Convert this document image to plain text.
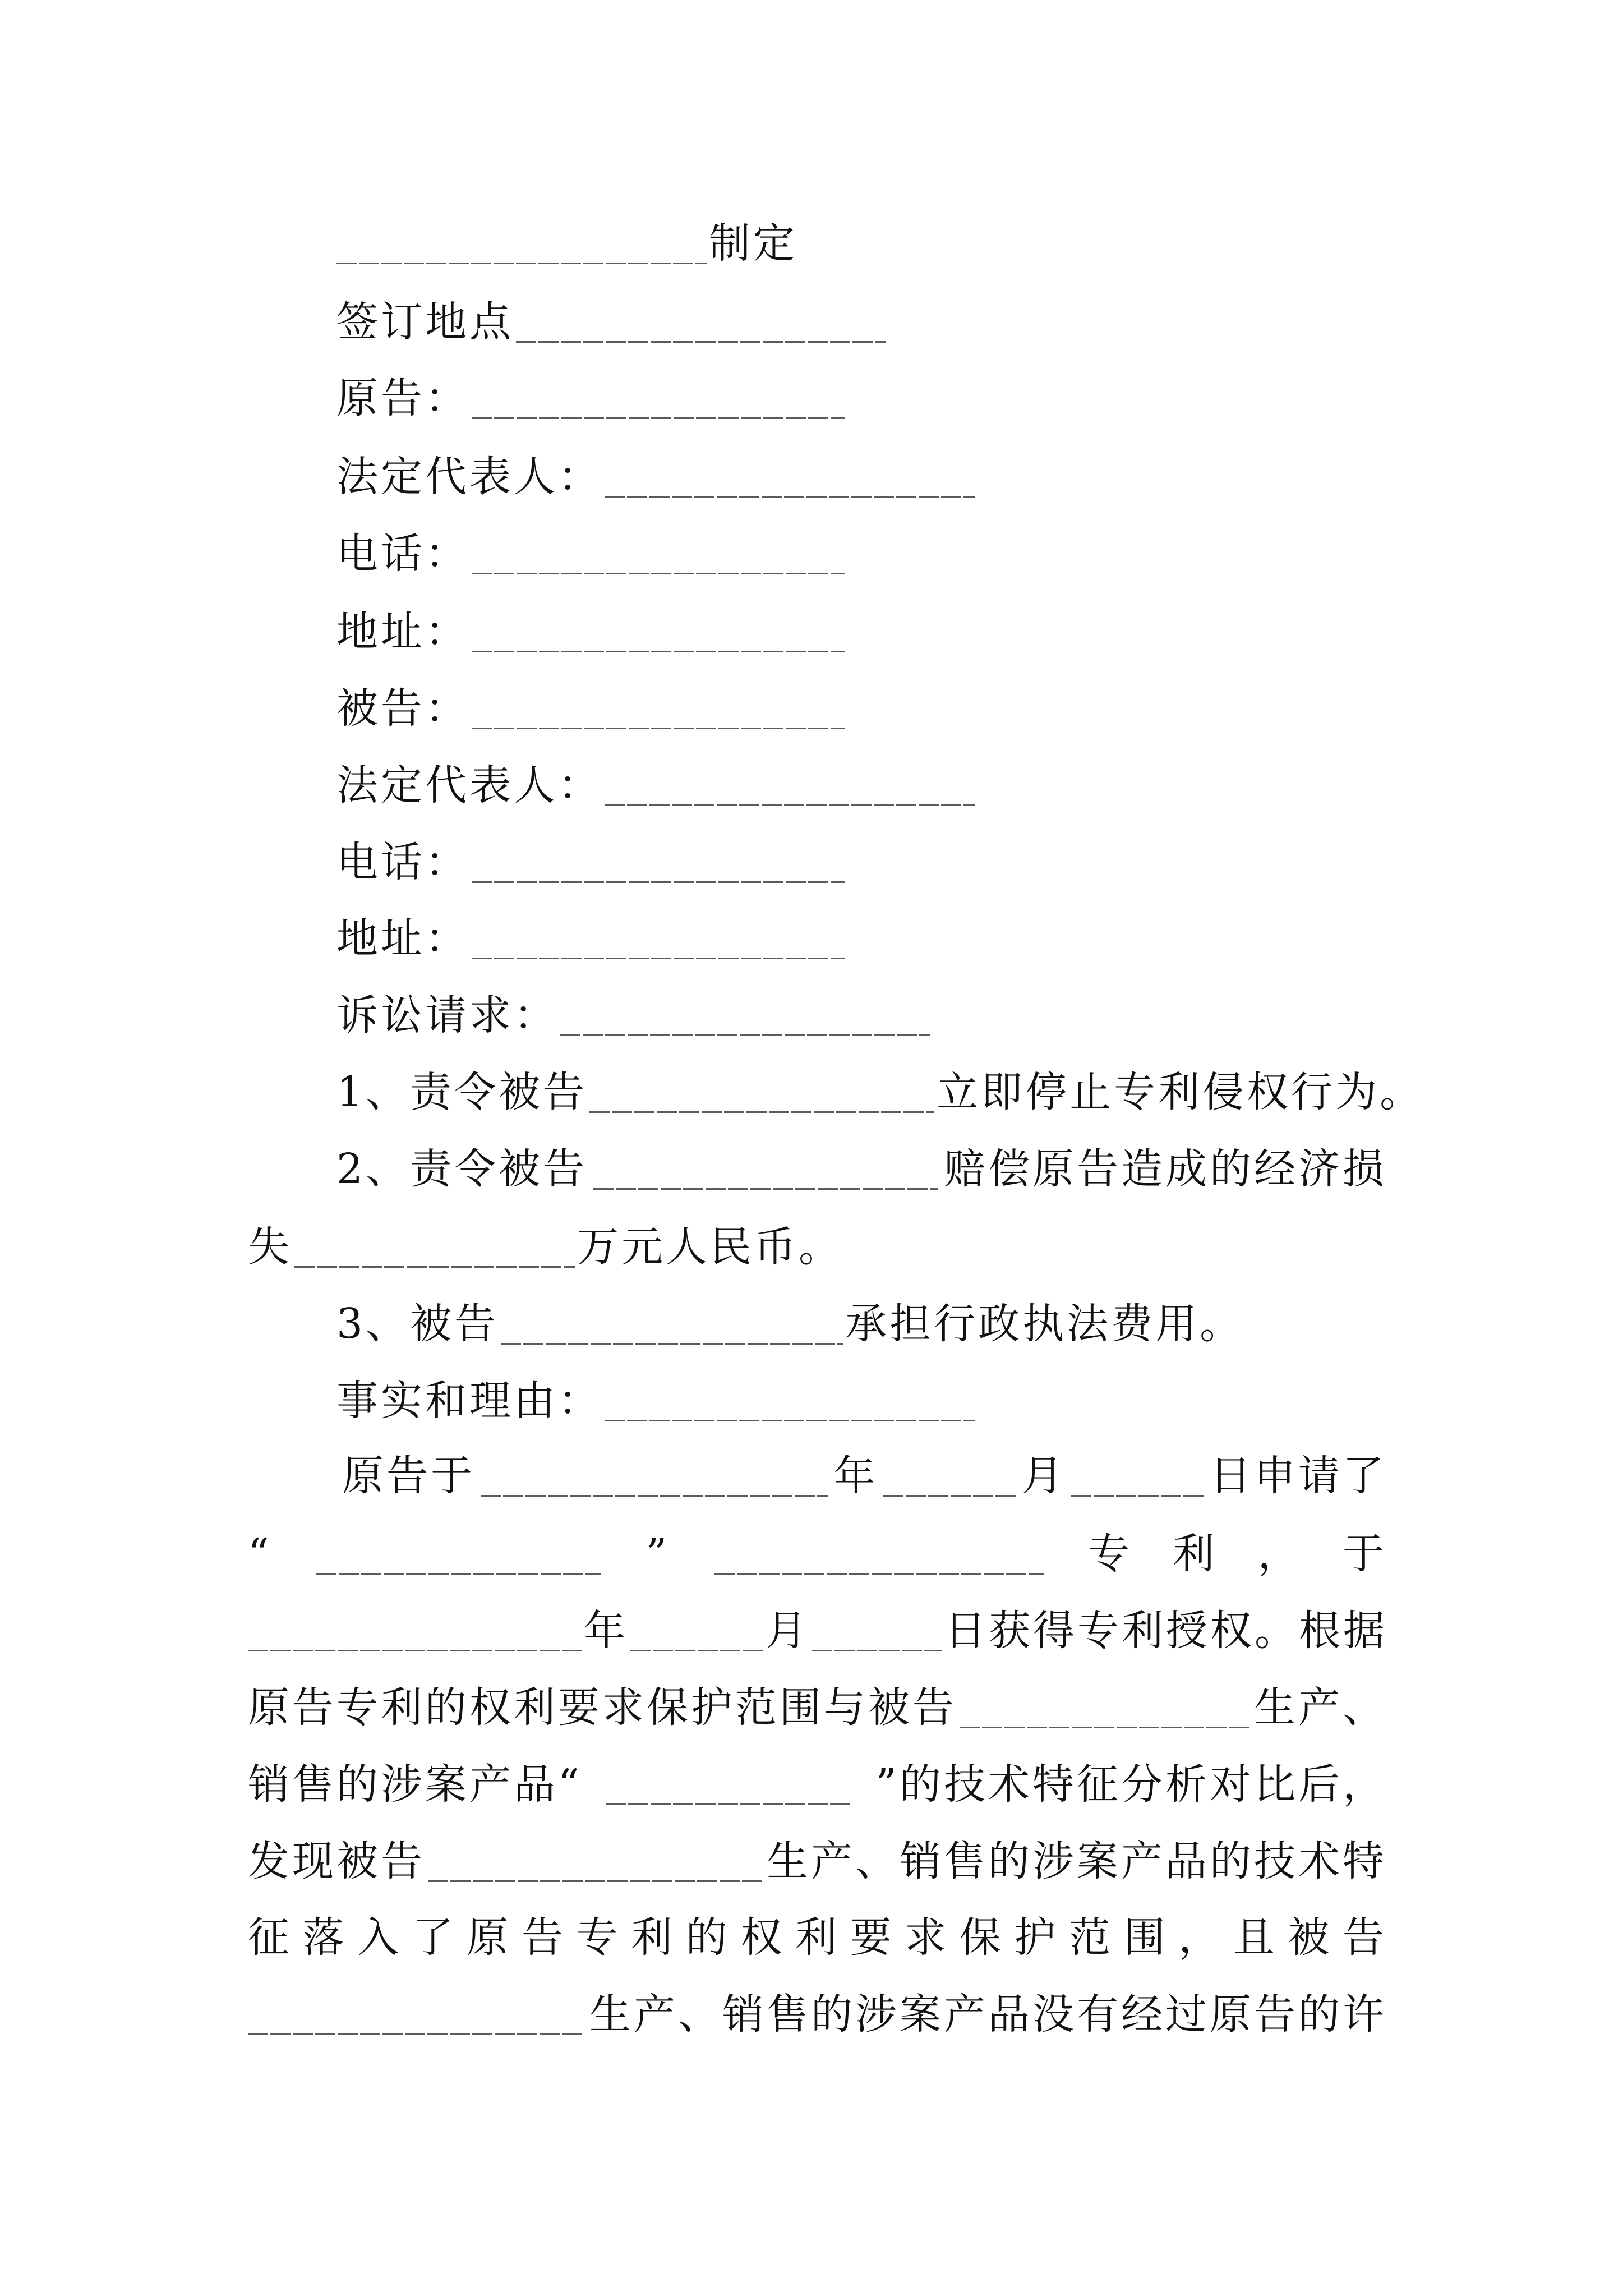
制定
签订地点
原告：
法定代表人：
电话：
地址：
被告：
法定代表人：
电话：
地址：
诉讼请求：
1、责令被告	立即停止专利侵权行为。
2、责令被告	赔偿原告造成的经济损
失	万元人民币。
3、被告	承担行政执法费用。
事实和理由：
原告于	年	月	日申请了
“	”	专利，于
年	月	日获得专利授权。根据
原告专利的权利要求保护范围与被告	生产、
销售的涉案产品“	”的技术特征分析对比后，
发现被告	生产、销售的涉案产品的技术特
征落入了原告专利的权利要求保护范围，且被告
生产、销售的涉案产品没有经过原告的许
